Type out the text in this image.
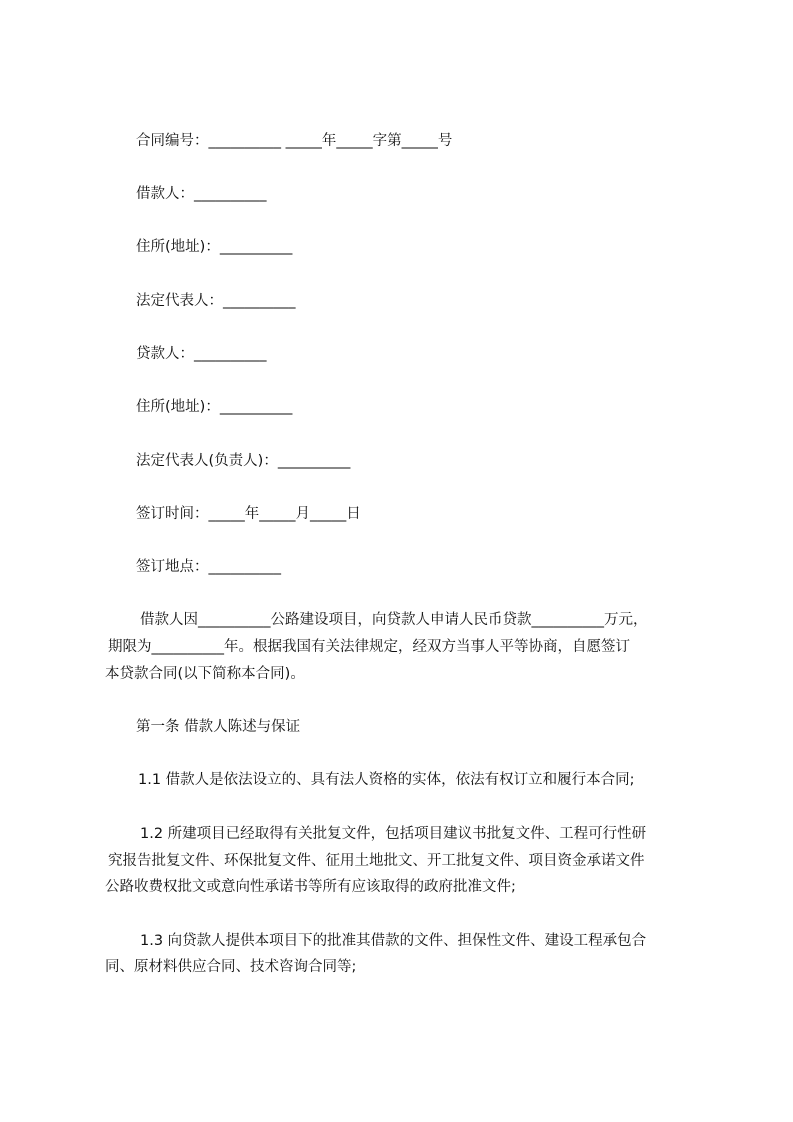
合同编号：__________ _____年_____字第_____号
借款人：__________
住所(地址)：__________
法定代表人：__________
贷款人：__________
住所(地址)：__________
法定代表人(负责人)：__________
签订时间：_____年_____月_____日
签订地点：__________
借款人因__________公路建设项目，向贷款人申请人民币贷款__________万元，
期限为__________年。根据我国有关法律规定，经双方当事人平等协商，自愿签订
本贷款合同(以下简称本合同)。
第一条 借款人陈述与保证
1.1 借款人是依法设立的、具有法人资格的实体，依法有权订立和履行本合同;
1.2 所建项目已经取得有关批复文件，包括项目建议书批复文件、工程可行性研
究报告批复文件、环保批复文件、征用土地批文、开工批复文件、项目资金承诺文件
公路收费权批文或意向性承诺书等所有应该取得的政府批准文件;
1.3 向贷款人提供本项目下的批准其借款的文件、担保性文件、建设工程承包合
同、原材料供应合同、技术咨询合同等;
